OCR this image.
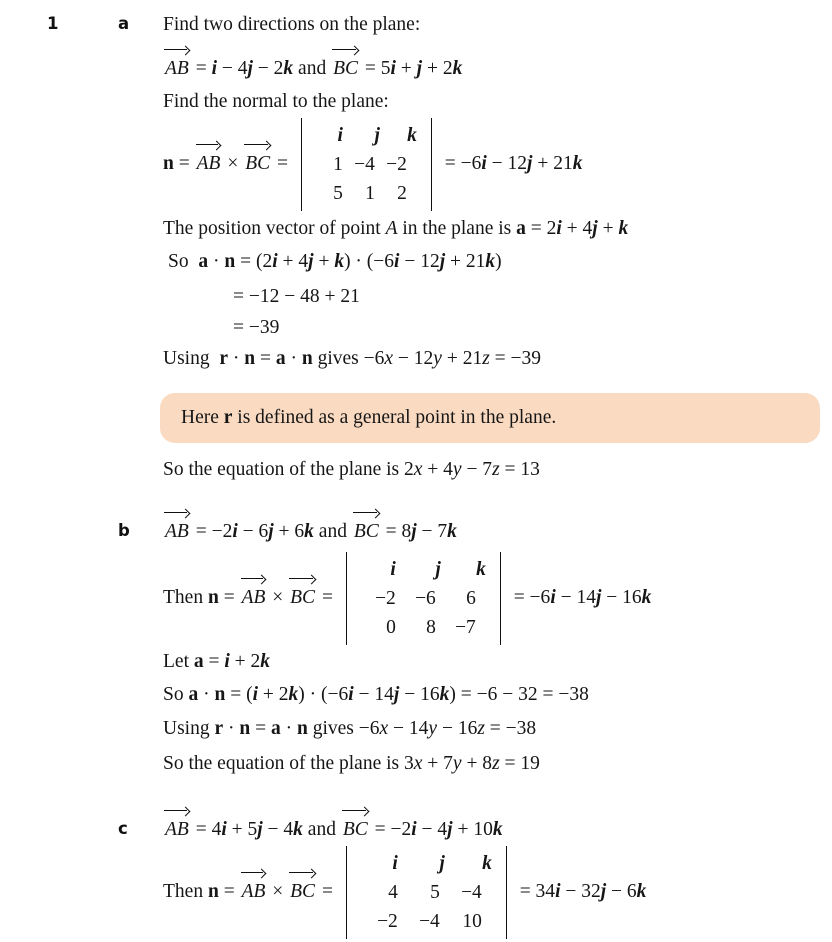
1	a Find two directions on the plane:
AB = i − 4j − 2k and
BC = 5i + j + 2k
Find the normal to the plane:
n =
AB ×
BC =
i	j	k
1 −4 −2
5	1	2
= −6i − 12j + 21k
The position vector of point A in the plane is a = 2i + 4j + k
So  a · n = (2i + 4j + k) · (−6i − 12j + 21k)
= −12 − 48 + 21
= −39
Using  r · n = a · n gives −6x − 12y + 21z = −39
Here r is defined as a general point in the plane.
So the equation of the plane is 2x + 4y − 7z = 13
b AB = −2i − 6j + 6k and
BC = 8j − 7k
Then n =
AB ×
BC =
i	j	k
−2 −6	6
0	8 −7
= −6i − 14j − 16k
Let a = i + 2k
So a · n = (i + 2k) · (−6i − 14j − 16k) = −6 − 32 = −38
Using r · n = a · n gives −6x − 14y − 16z = −38
So the equation of the plane is 3x + 7y + 8z = 19
c AB = 4i + 5j − 4k and
BC = −2i − 4j + 10k
Then n =
AB ×
BC =
i	j	k
4	5	−4
−2	−4	10
= 34i − 32j − 6k
